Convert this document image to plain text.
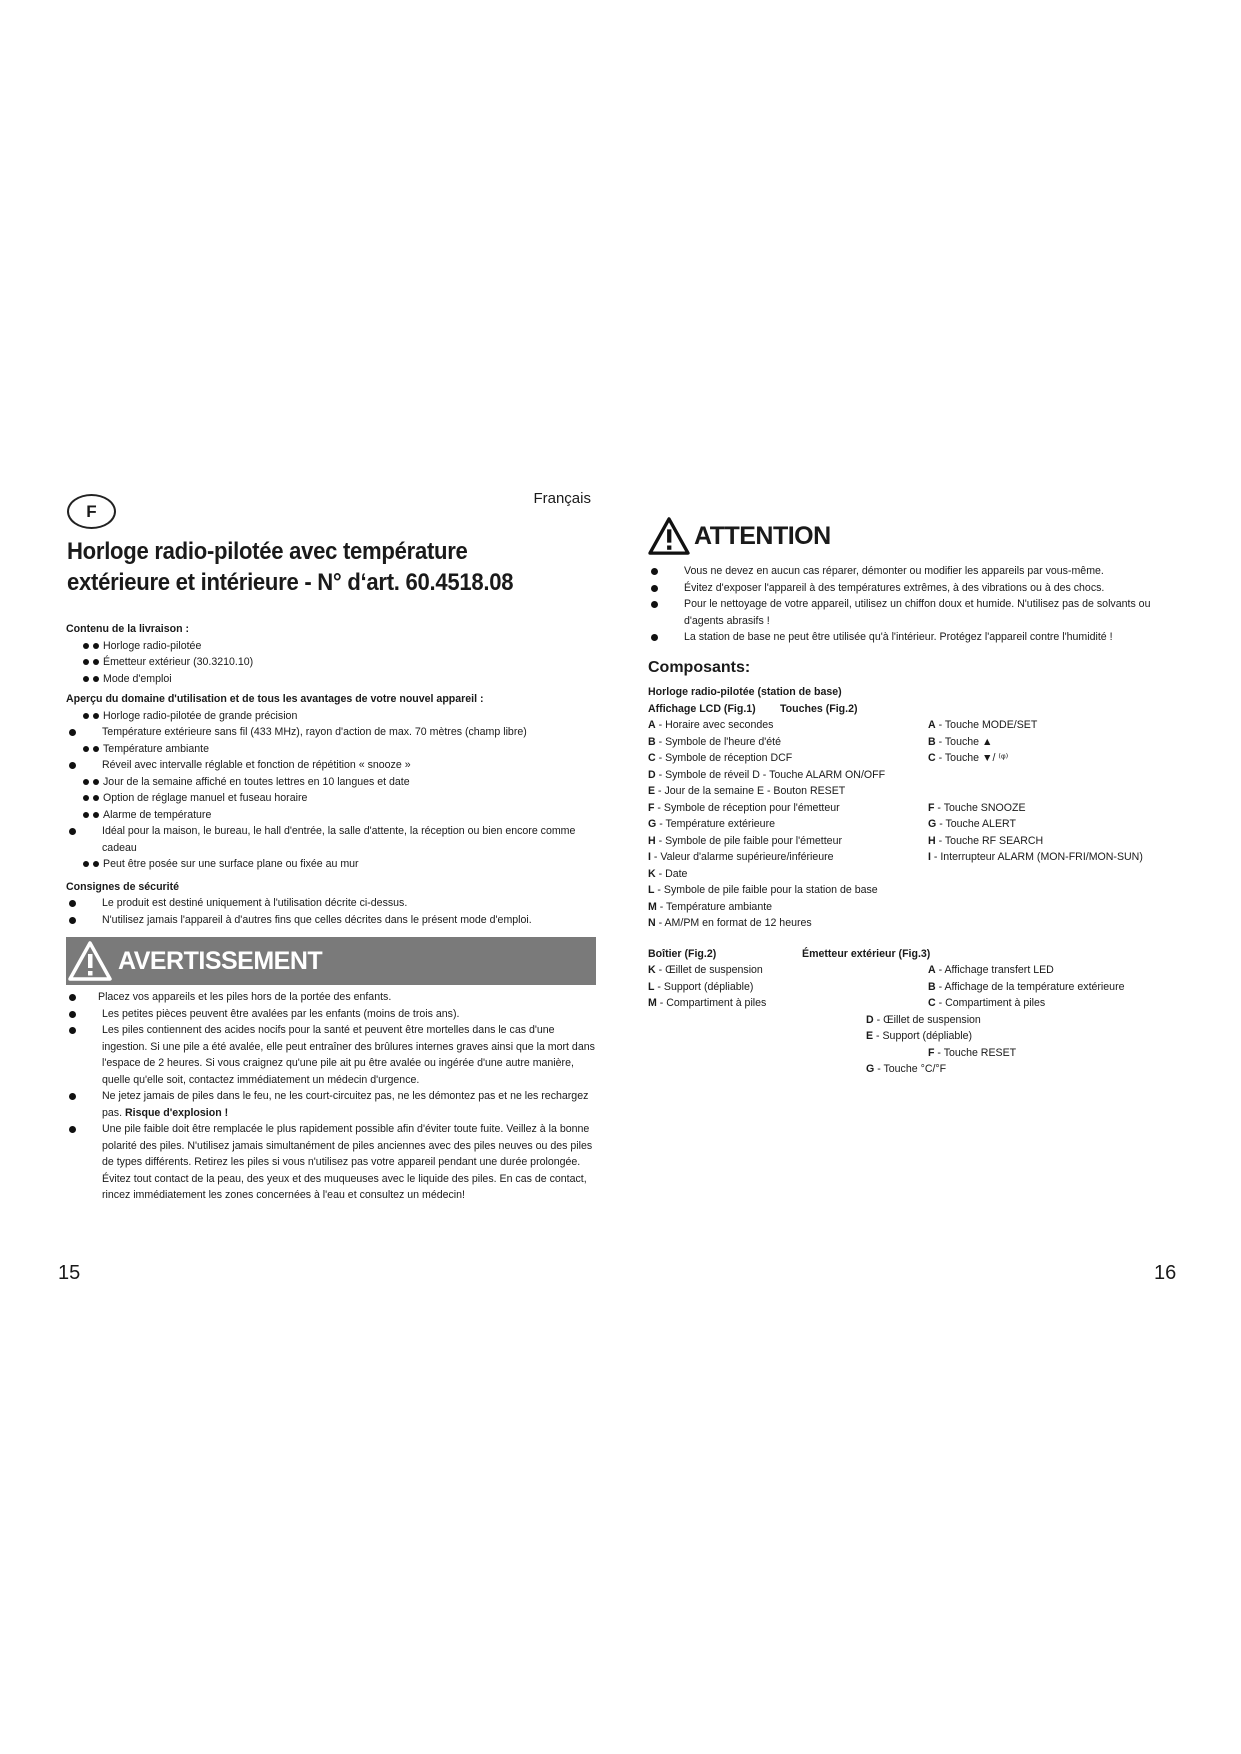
F
Français
Horloge radio-pilotée avec température
extérieure et intérieure - N° d‘art. 60.4518.08
Contenu de la livraison :
Horloge radio-pilotée
Émetteur extérieur (30.3210.10)
Mode d'emploi
Aperçu du domaine d'utilisation et de tous les avantages de votre nouvel appareil :
Horloge radio-pilotée de grande précision
Température extérieure sans fil (433 MHz), rayon d'action de max. 70 mètres (champ libre)
Température ambiante
Réveil avec intervalle réglable et fonction de répétition « snooze »
Jour de la semaine affiché en toutes lettres en 10 langues et date
Option de réglage manuel et fuseau horaire
Alarme de température
Idéal pour la maison, le bureau, le hall d'entrée, la salle d'attente, la réception ou bien encore comme cadeau
Peut être posée sur une surface plane ou fixée au mur
Consignes de sécurité
Le produit est destiné uniquement à l'utilisation décrite ci-dessus.
N'utilisez jamais l'appareil à d'autres fins que celles décrites dans le présent mode d'emploi.
AVERTISSEMENT
Placez vos appareils et les piles hors de la portée des enfants.
Les petites pièces peuvent être avalées par les enfants (moins de trois ans).
Les piles contiennent des acides nocifs pour la santé et peuvent être mortelles dans le cas d'une ingestion. Si une pile a été avalée, elle peut entraîner des brûlures internes graves ainsi que la mort dans l'espace de 2 heures. Si vous craignez qu'une pile ait pu être avalée ou ingérée d'une autre manière, quelle qu'elle soit, contactez immédiatement un médecin d'urgence.
Ne jetez jamais de piles dans le feu, ne les court-circuitez pas, ne les démontez pas et ne les rechargez pas. Risque d'explosion !
Une pile faible doit être remplacée le plus rapidement possible afin d'éviter toute fuite. Veillez à la bonne polarité des piles. N'utilisez jamais simultanément de piles anciennes avec des piles neuves ou des piles
de types différents. Retirez les piles si vous n'utilisez pas votre appareil pendant une durée prolongée. Évitez tout contact de la peau, des yeux et des muqueuses avec le liquide des piles. En cas de contact, rincez immédiatement les zones concernées à l'eau et consultez un médecin!
15
ATTENTION
Vous ne devez en aucun cas réparer, démonter ou modifier les appareils par vous-même.
Évitez d'exposer l'appareil à des températures extrêmes, à des vibrations ou à des chocs.
Pour le nettoyage de votre appareil, utilisez un chiffon doux et humide. N'utilisez pas de solvants ou d'agents abrasifs !
La station de base ne peut être utilisée qu'à l'intérieur. Protégez l'appareil contre l'humidité !
Composants:
Horloge radio-pilotée (station de base)
Affichage LCD (Fig.1)	Touches (Fig.2)
A - Horaire avec secondes	A - Touche MODE/SET
B - Symbole de l'heure d'été	B - Touche ▲
C - Symbole de réception DCF	C - Touche ▼/ ⁽ᵠ⁾
D - Symbole de réveil D - Touche ALARM ON/OFF
E - Jour de la semaine E - Bouton RESET
F - Symbole de réception pour l'émetteur	F - Touche SNOOZE
G - Température extérieure	G - Touche ALERT
H - Symbole de pile faible pour l'émetteur	H - Touche RF SEARCH
I - Valeur d'alarme supérieure/inférieure	I - Interrupteur ALARM (MON-FRI/MON-SUN)
K - Date
L - Symbole de pile faible pour la station de base
M - Température ambiante
N - AM/PM en format de 12 heures
Boîtier (Fig.2)	Émetteur extérieur (Fig.3)
K - Œillet de suspension	A - Affichage transfert LED
L - Support (dépliable)	B - Affichage de la température extérieure
M - Compartiment à piles	C - Compartiment à piles
D - Œillet de suspension
E - Support (dépliable)
F - Touche RESET
G - Touche °C/°F
16
